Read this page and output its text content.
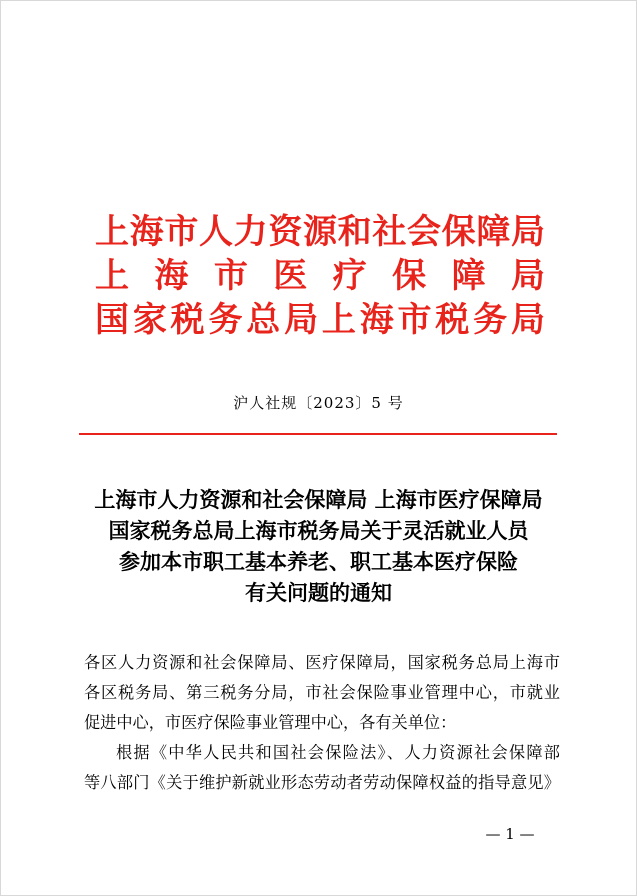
上海市人力资源和社会保障局
上 海 市 医 疗 保 障 局
国家税务总局上海市税务局
沪人社规〔2023〕5 号
上海市人力资源和社会保障局 上海市医疗保障局
国家税务总局上海市税务局关于灵活就业人员
参加本市职工基本养老、职工基本医疗保险
有关问题的通知
各区人力资源和社会保障局、医疗保障局，国家税务总局上海市
各区税务局、第三税务分局，市社会保险事业管理中心，市就业
促进中心，市医疗保险事业管理中心，各有关单位：
根据《中华人民共和国社会保险法》、人力资源社会保障部
等八部门《关于维护新就业形态劳动者劳动保障权益的指导意见》
— 1 —
